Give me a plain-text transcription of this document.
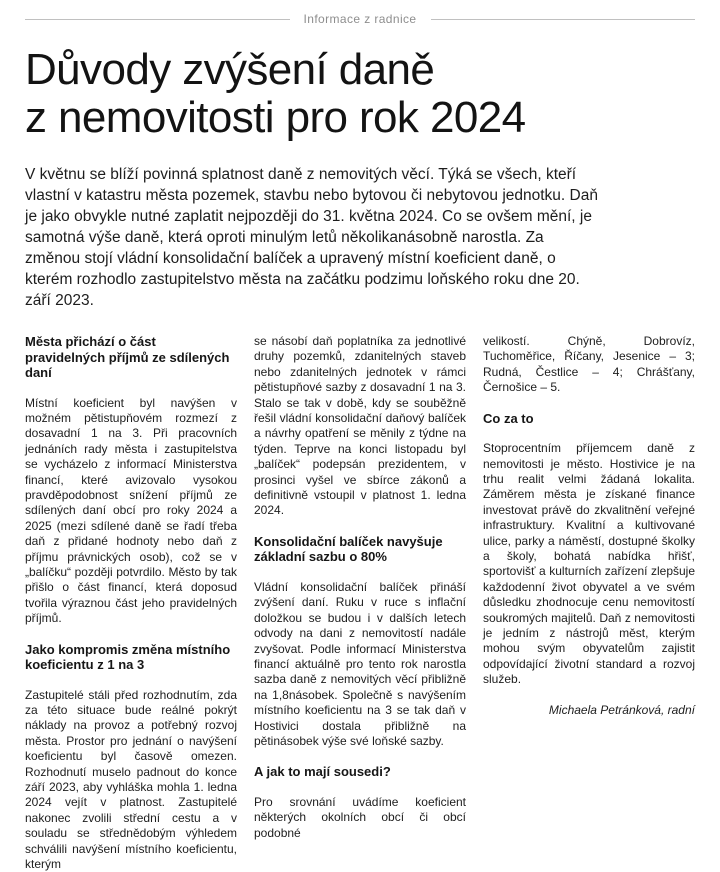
Informace z radnice
Důvody zvýšení daně
z nemovitosti pro rok 2024

V květnu se blíží povinná splatnost daně z nemovitých věcí. Týká se všech, kteří vlastní v katastru města pozemek, stavbu nebo bytovou či nebytovou jednotku. Daň je jako obvykle nutné zaplatit nejpozději do 31. května 2024. Co se ovšem mění, je samotná výše daně, která oproti minulým letů několikanásobně narostla. Za změnou stojí vládní konsolidační balíček a upravený místní koeficient daně, o kterém rozhodlo zastupitelstvo města na začátku podzimu loňského roku dne 20. září 2023.

Města přichází o část pravidelných příjmů ze sdílených daní

Místní koeficient byl navýšen v možném pětistupňovém rozmezí z dosavadní 1 na 3. Při pracovních jednáních rady města i zastupitelstva se vycházelo z informací Ministerstva financí, které avizovalo vysokou pravděpodobnost snížení příjmů ze sdílených daní obcí pro roky 2024 a 2025 (mezi sdílené daně se řadí třeba daň z přidané hodnoty nebo daň z příjmu právnických osob), což se v „balíčku“ později potvrdilo. Město by tak přišlo o část financí, která doposud tvořila výraznou část jeho pravidelných příjmů.

Jako kompromis změna místního koeficientu z 1 na 3

Zastupitelé stáli před rozhodnutím, zda za této situace bude reálné pokrýt náklady na provoz a potřebný rozvoj města. Prostor pro jednání o navýšení koeficientu byl časově omezen. Rozhodnutí muselo padnout do konce září 2023, aby vyhláška mohla 1. ledna 2024 vejít v platnost. Zastupitelé nakonec zvolili střední cestu a v souladu se střednědobým výhledem schválili navýšení místního koeficientu, kterým

se násobí daň poplatníka za jednotlivé druhy pozemků, zdanitelných staveb nebo zdanitelných jednotek v rámci pětistupňové sazby z dosavadní 1 na 3. Stalo se tak v době, kdy se souběžně řešil vládní konsolidační daňový balíček a návrhy opatření se měnily z týdne na týden. Teprve na konci listopadu byl „balíček“ podepsán prezidentem, v prosinci vyšel ve sbírce zákonů a definitivně vstoupil v platnost 1. ledna 2024.

Konsolidační balíček navyšuje základní sazbu o 80%

Vládní konsolidační balíček přináší zvýšení daní. Ruku v ruce s inflační doložkou se budou i v dalších letech odvody na dani z nemovitostí nadále zvyšovat. Podle informací Ministerstva financí aktuálně pro tento rok narostla sazba daně z nemovitých věcí přibližně na 1,8násobek. Společně s navýšením místního koeficientu na 3 se tak daň v Hostivici dostala přibližně na pětinásobek výše své loňské sazby.

A jak to mají sousedi?

Pro srovnání uvádíme koeficient některých okolních obcí či obcí podobné

velikostí. Chýně, Dobrovíz, Tuchoměřice, Říčany, Jesenice – 3; Rudná, Čestlice – 4; Chrášťany, Černošice – 5.

Co za to

Stoprocentním příjemcem daně z nemovitosti je město. Hostivice je na trhu realit velmi žádaná lokalita. Záměrem města je získané finance investovat právě do zkvalitnění veřejné infrastruktury. Kvalitní a kultivované ulice, parky a náměstí, dostupné školky a školy, bohatá nabídka hřišť, sportovišť a kulturních zařízení zlepšuje každodenní život obyvatel a ve svém důsledku zhodnocuje cenu nemovitostí soukromých majitelů. Daň z nemovitosti je jedním z nástrojů měst, kterým mohou svým obyvatelům zajistit odpovídající životní standard a rozvoj služeb.

Michaela Petránková, radní
